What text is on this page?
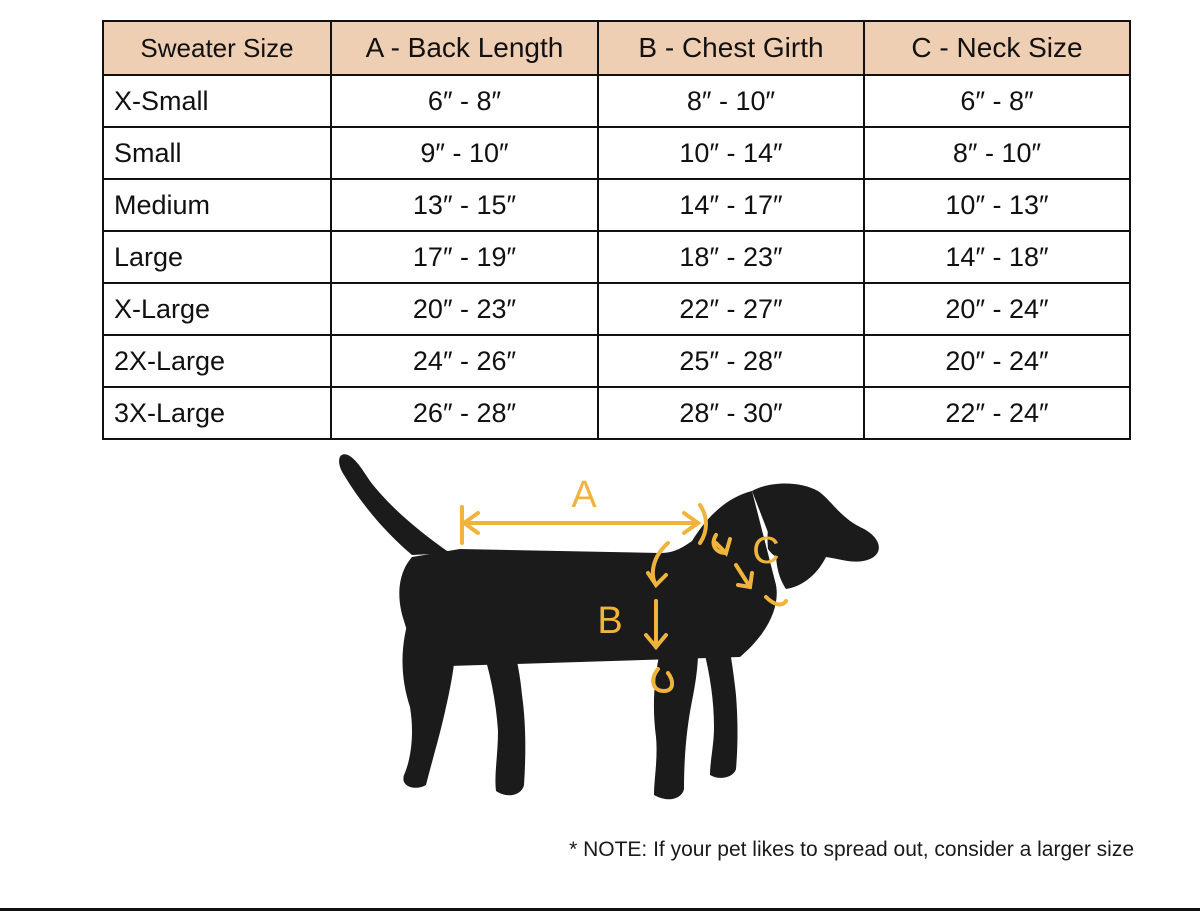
Sweater Size	A - Back Length	B - Chest Girth	C - Neck Size
X-Small	6″ - 8″	8″ - 10″	6″ - 8″
Small	9″ - 10″	10″ - 14″	8″ - 10″
Medium	13″ - 15″	14″ - 17″	10″ - 13″
Large	17″ - 19″	18″ - 23″	14″ - 18″
X-Large	20″ - 23″	22″ - 27″	20″ - 24″
2X-Large	24″ - 26″	25″ - 28″	20″ - 24″
3X-Large	26″ - 28″	28″ - 30″	22″ - 24″
A
B
C
* NOTE: If your pet likes to spread out, consider a larger size
